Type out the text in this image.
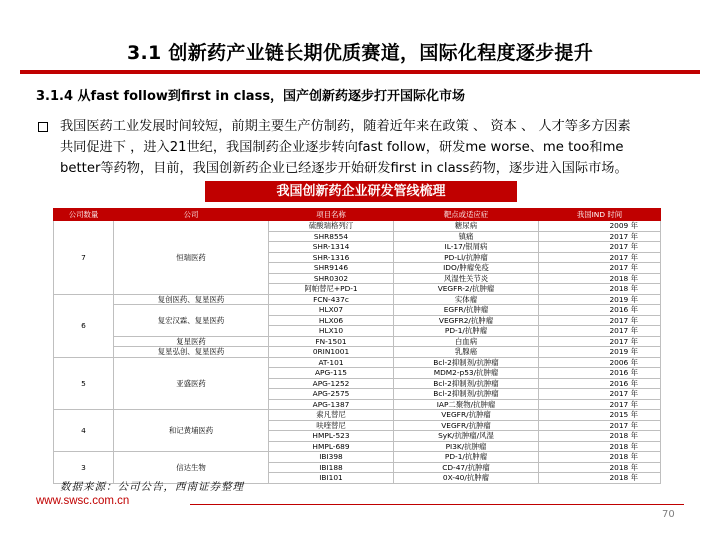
3.1 创新药产业链长期优质赛道，国际化程度逐步提升
3.1.4 从fast follow到first in class，国产创新药逐步打开国际化市场
我国医药工业发展时间较短，前期主要生产仿制药，随着近年来在政策 、 资本 、 人才等多方因素
共同促进下 ，进入21世纪，我国制药企业逐步转向fast follow，研发me worse、me too和me
better等药物，目前，我国创新药企业已经逐步开始研发first in class药物，逐步进入国际市场。
我国创新药企业研发管线梳理
公司数量	公司	项目名称	靶点或适应症	我国IND 时间
7	恒瑞医药	硫酸瑞格列汀	糖尿病	2009 年
		SHR8554	镇痛	2017 年
		SHR-1314	IL-17/银屑病	2017 年
		SHR-1316	PD-Ll/抗肿瘤	2017 年
		SHR9146	IDO/肿瘤免疫	2017 年
		SHR0302	风湿性关节炎	2018 年
		阿帕替尼+PD-1	VEGFR-2/抗肿瘤	2018 年
6	复创医药、复星医药	FCN-437c	实体瘤	2019 年
	复宏汉霖、复星医药	HLX07	EGFR/抗肿瘤	2016 年
		HLX06	VEGFR2/抗肿瘤	2017 年
		HLX10	PD-1/抗肿瘤	2017 年
	复星医药	FN-1501	白血病	2017 年
	复星弘创、复星医药	0RIN1001	乳腺癌	2019 年
5	亚盛医药	AT-101	Bcl-2抑制剂/抗肿瘤	2006 年
		APG-115	MDM2-p53/抗肿瘤	2016 年
		APG-1252	Bcl-2抑制剂/抗肿瘤	2016 年
		APG-2575	Bcl-2抑制剂/抗肿瘤	2017 年
		APG-1387	IAP二聚物/抗肿瘤	2017 年
4	和记黄埔医药	索凡替尼	VEGFR/抗肿瘤	2015 年
		呋喹替尼	VEGFR/抗肿瘤	2017 年
		HMPL-523	SyK/抗肿瘤/风湿	2018 年
		HMPL-689	PI3K/抗肿瘤	2018 年
3	信达生物	IBI398	PD-1/抗肿瘤	2018 年
		IBI188	CD-47/抗肿瘤	2018 年
		IBI101	0X-40/抗肿瘤	2018 年
数据来源：公司公告，西南证券整理
www.swsc.com.cn
70
